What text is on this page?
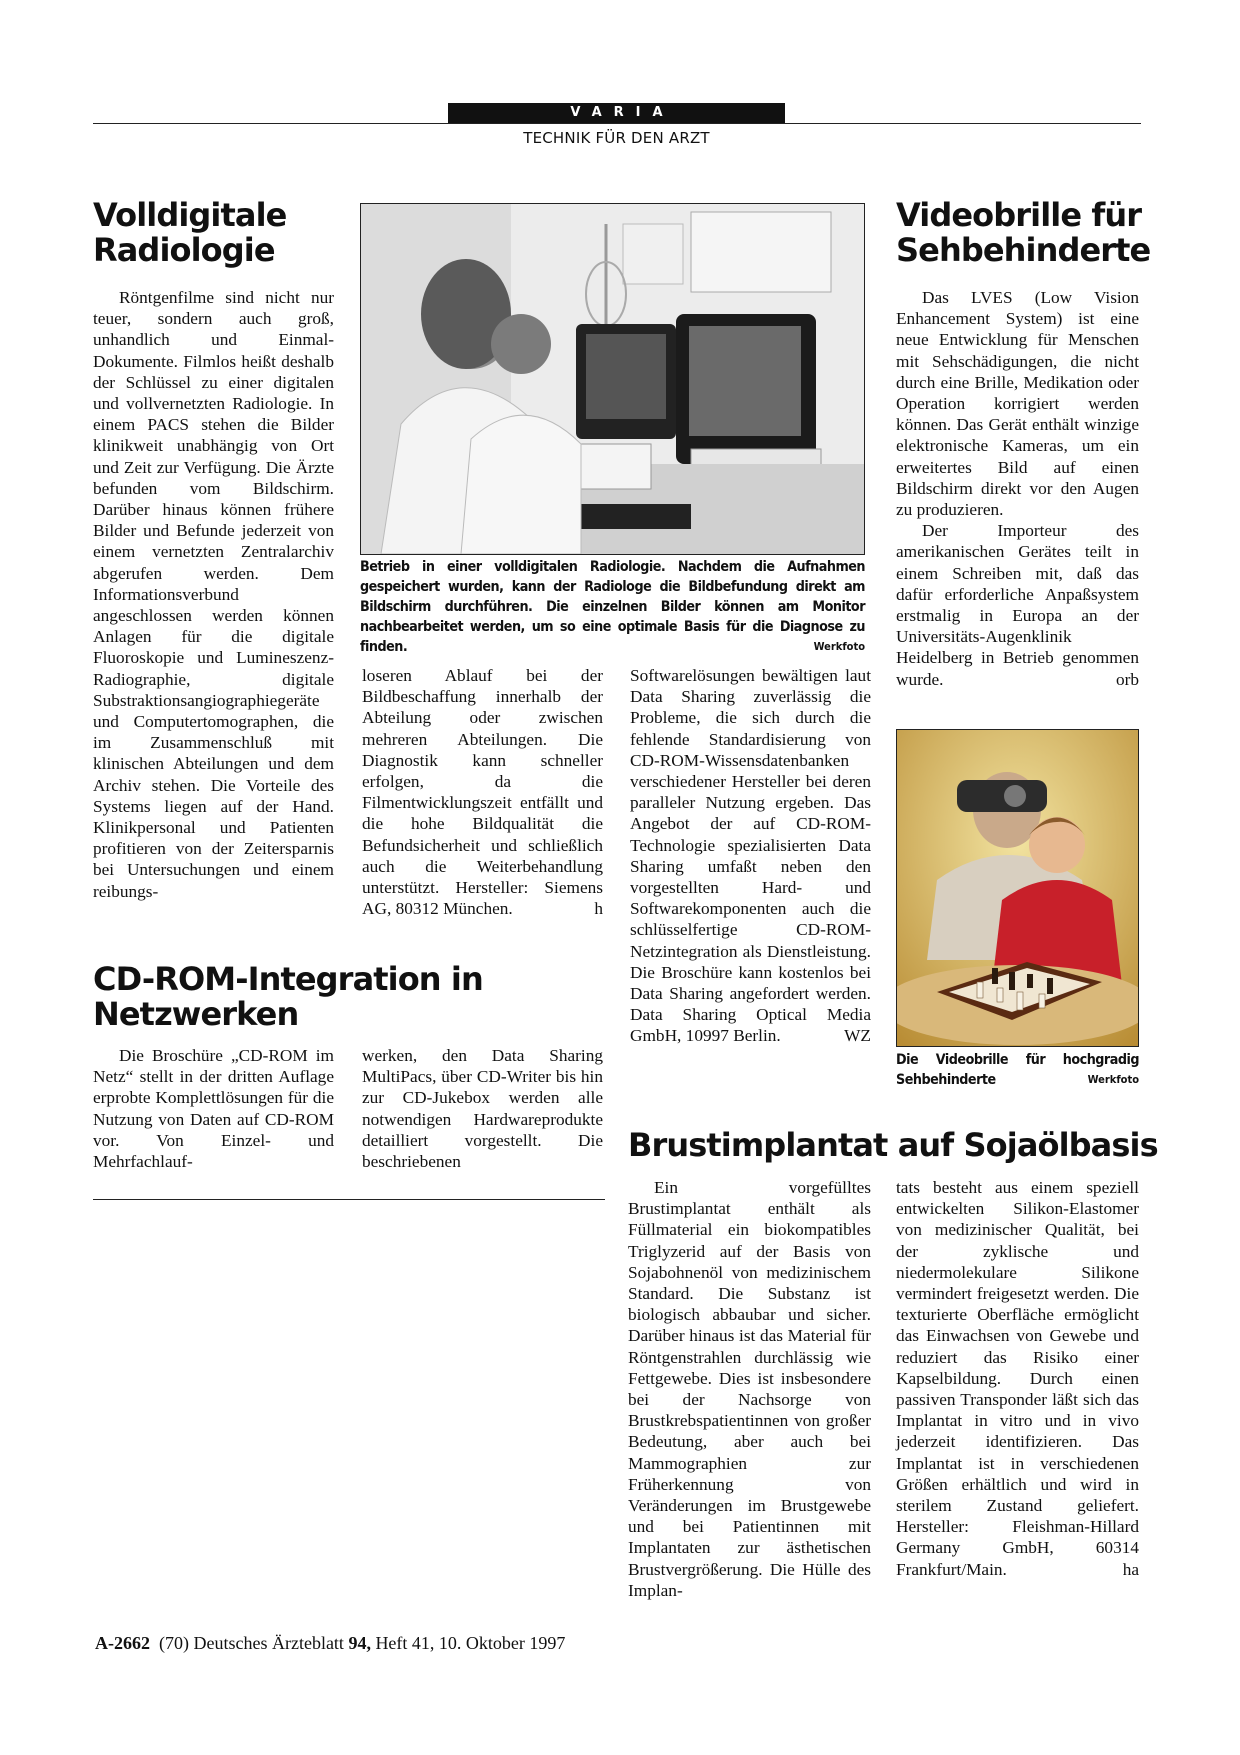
VARIA
TECHNIK FÜR DEN ARZT
Volldigitale
Radiologie

Röntgenfilme sind nicht nur teuer, sondern auch groß, unhandlich und Einmal-Dokumente. Filmlos heißt deshalb der Schlüssel zu einer digitalen und vollvernetzten Radiologie. In einem PACS stehen die Bilder klinikweit unabhängig von Ort und Zeit zur Verfügung. Die Ärzte befunden vom Bildschirm. Darüber hinaus können frühere Bilder und Befunde jederzeit von einem vernetzten Zentralarchiv abgerufen werden. Dem Informationsverbund angeschlossen werden können Anlagen für die digitale Fluoroskopie und Lumineszenz-Radiographie, digitale Substraktionsangiographiegeräte und Computertomographen, die im Zusammenschluß mit klinischen Abteilungen und dem Archiv stehen. Die Vorteile des Systems liegen auf der Hand. Klinikpersonal und Patienten profitieren von der Zeitersparnis bei Untersuchungen und einem reibungs-

Betrieb in einer volldigitalen Radiologie. Nachdem die Aufnahmen gespeichert wurden, kann der Radiologe die Bildbefundung direkt am Bildschirm durchführen. Die einzelnen Bilder können am Monitor nachbearbeitet werden, um so eine optimale Basis für die Diagnose zu finden.	Werkfoto

loseren Ablauf bei der Bildbeschaffung innerhalb der Abteilung oder zwischen mehreren Abteilungen. Die Diagnostik kann schneller erfolgen, da die Filmentwicklungszeit entfällt und die hohe Bildqualität die Befundsicherheit und schließlich auch die Weiterbehandlung unterstützt. Hersteller: Siemens AG, 80312 München.	h

CD-ROM-Integration in
Netzwerken

Die Broschüre „CD-ROM im Netz“ stellt in der dritten Auflage erprobte Komplettlösungen für die Nutzung von Daten auf CD-ROM vor. Von Einzel- und Mehrfachlauf-

werken, den Data Sharing MultiPacs, über CD-Writer bis hin zur CD-Jukebox werden alle notwendigen Hardwareprodukte detailliert vorgestellt. Die beschriebenen

Softwarelösungen bewältigen laut Data Sharing zuverlässig die Probleme, die sich durch die fehlende Standardisierung von CD-ROM-Wissensdatenbanken verschiedener Hersteller bei deren paralleler Nutzung ergeben. Das Angebot der auf CD-ROM-Technologie spezialisierten Data Sharing umfaßt neben den vorgestellten Hard- und Softwarekomponenten auch die schlüsselfertige CD-ROM-Netzintegration als Dienstleistung. Die Broschüre kann kostenlos bei Data Sharing angefordert werden. Data Sharing Optical Media GmbH, 10997 Berlin.	WZ

Videobrille für
Sehbehinderte

Das LVES (Low Vision Enhancement System) ist eine neue Entwicklung für Menschen mit Sehschädigungen, die nicht durch eine Brille, Medikation oder Operation korrigiert werden können. Das Gerät enthält winzige elektronische Kameras, um ein erweitertes Bild auf einen Bildschirm direkt vor den Augen zu produzieren.

Der Importeur des amerikanischen Gerätes teilt in einem Schreiben mit, daß das dafür erforderliche Anpaßsystem erstmalig in Europa an der Universitäts-Augenklinik Heidelberg in Betrieb genommen wurde.	orb

Die Videobrille für hochgradig Sehbehinderte	Werkfoto
Brustimplantat auf Sojaölbasis

Ein vorgefülltes Brustimplantat enthält als Füllmaterial ein biokompatibles Triglyzerid auf der Basis von Sojabohnenöl von medizinischem Standard. Die Substanz ist biologisch abbaubar und sicher. Darüber hinaus ist das Material für Röntgenstrahlen durchlässig wie Fettgewebe. Dies ist insbesondere bei der Nachsorge von Brustkrebspatientinnen von großer Bedeutung, aber auch bei Mammographien zur Früherkennung von Veränderungen im Brustgewebe und bei Patientinnen mit Implantaten zur ästhetischen Brustvergrößerung. Die Hülle des Implan-

tats besteht aus einem speziell entwickelten Silikon-Elastomer von medizinischer Qualität, bei der zyklische und niedermolekulare Silikone vermindert freigesetzt werden. Die texturierte Oberfläche ermöglicht das Einwachsen von Gewebe und reduziert das Risiko einer Kapselbildung. Durch einen passiven Transponder läßt sich das Implantat in vitro und in vivo jederzeit identifizieren. Das Implantat ist in verschiedenen Größen erhältlich und wird in sterilem Zustand geliefert. Hersteller: Fleishman-Hillard Germany GmbH, 60314 Frankfurt/Main.	ha

A-2662 (70) Deutsches Ärzteblatt 94, Heft 41, 10. Oktober 1997
